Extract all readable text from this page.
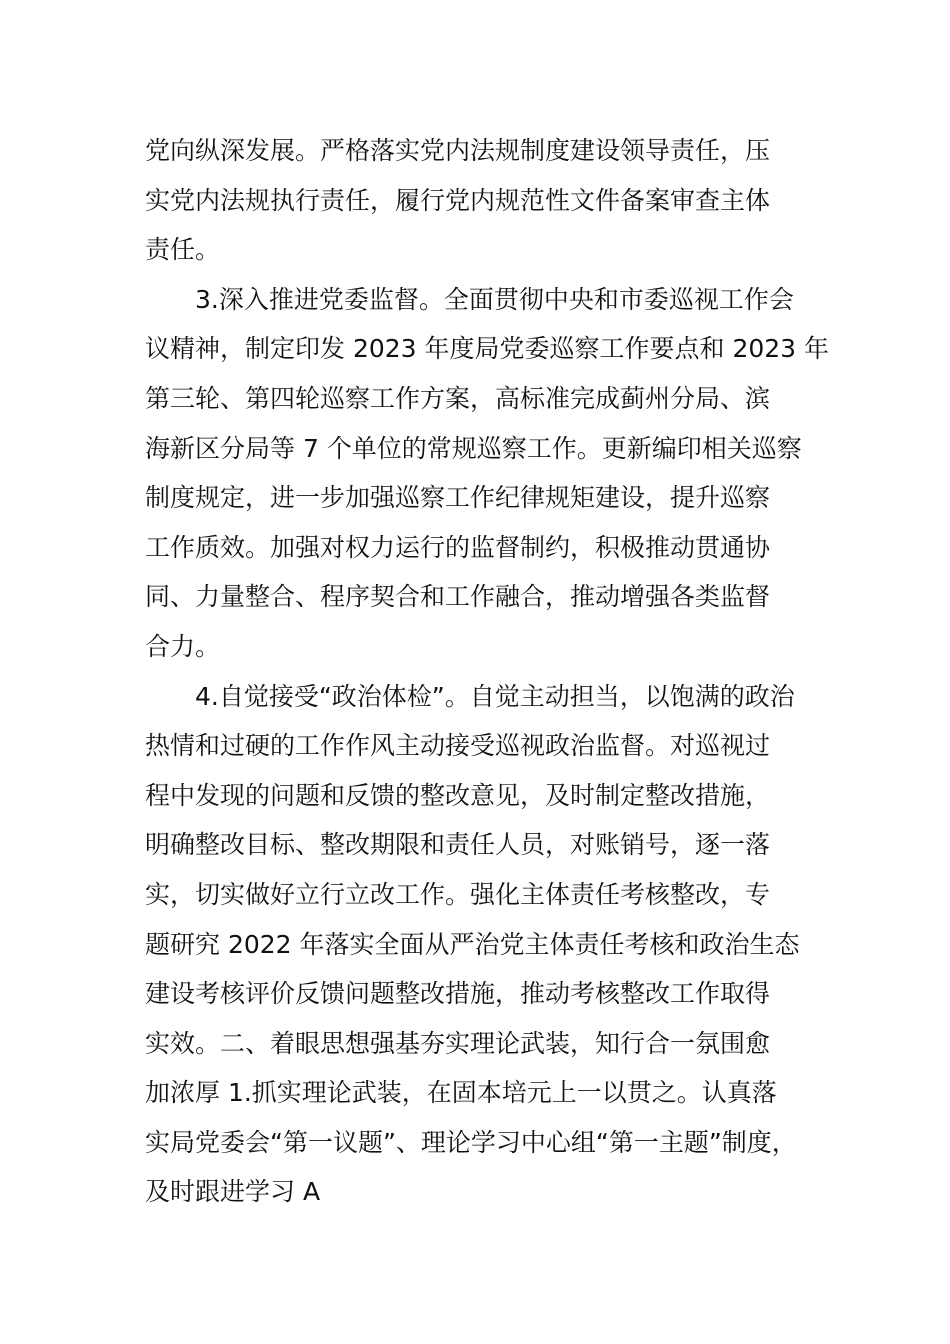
党向纵深发展。严格落实党内法规制度建设领导责任，压
实党内法规执行责任，履行党内规范性文件备案审查主体
责任。
3.深入推进党委监督。全面贯彻中央和市委巡视工作会
议精神，制定印发 2023 年度局党委巡察工作要点和 2023 年
第三轮、第四轮巡察工作方案，高标准完成蓟州分局、滨
海新区分局等 7 个单位的常规巡察工作。更新编印相关巡察
制度规定，进一步加强巡察工作纪律规矩建设，提升巡察
工作质效。加强对权力运行的监督制约，积极推动贯通协
同、力量整合、程序契合和工作融合，推动增强各类监督
合力。
4.自觉接受“政治体检”。自觉主动担当，以饱满的政治
热情和过硬的工作作风主动接受巡视政治监督。对巡视过
程中发现的问题和反馈的整改意见，及时制定整改措施，
明确整改目标、整改期限和责任人员，对账销号，逐一落
实，切实做好立行立改工作。强化主体责任考核整改，专
题研究 2022 年落实全面从严治党主体责任考核和政治生态
建设考核评价反馈问题整改措施，推动考核整改工作取得
实效。二、着眼思想强基夯实理论武装，知行合一氛围愈
加浓厚 1.抓实理论武装，在固本培元上一以贯之。认真落
实局党委会“第一议题”、理论学习中心组“第一主题”制度，
及时跟进学习 A
